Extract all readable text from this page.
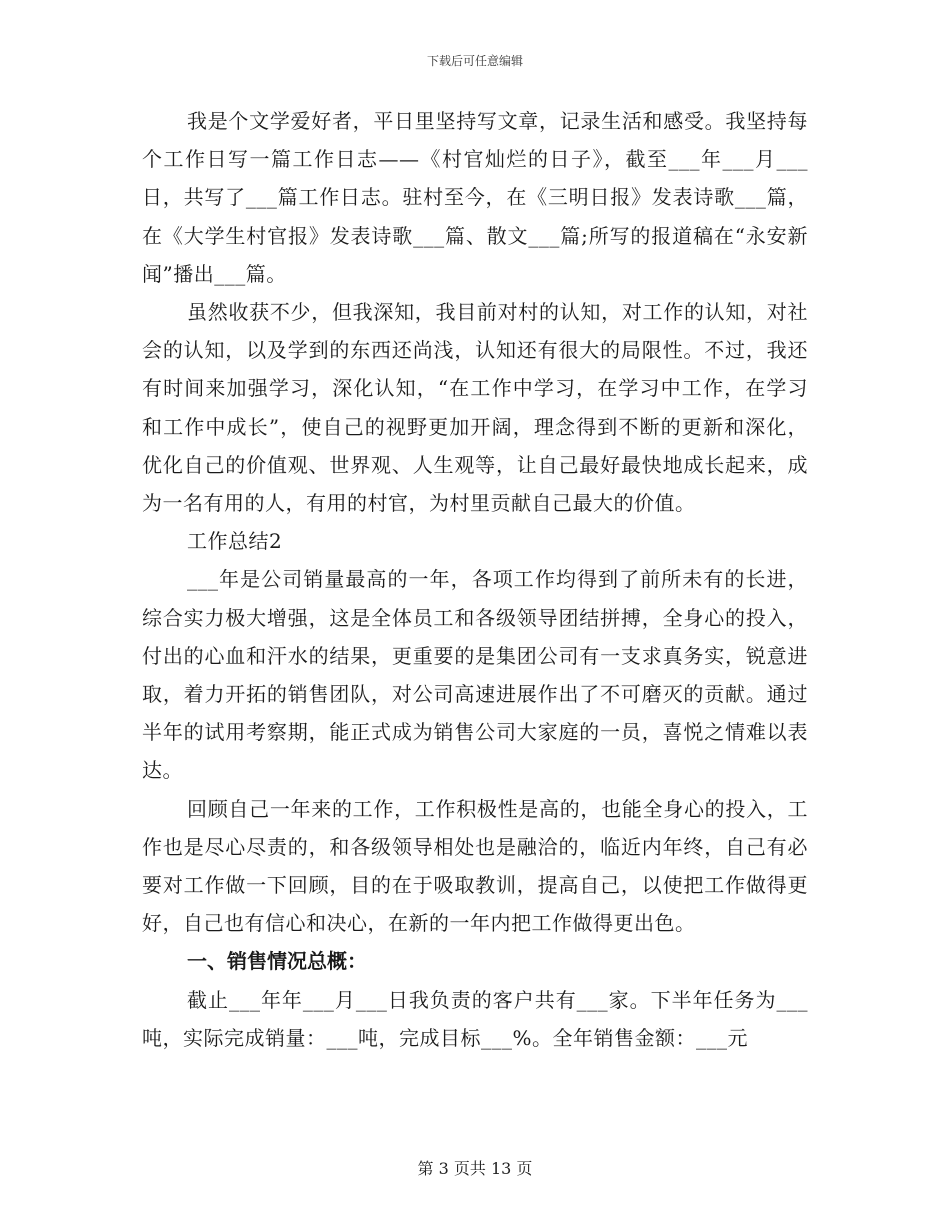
下载后可任意编辑

我是个文学爱好者，平日里坚持写文章，记录生活和感受。我坚持每个工作日写一篇工作日志——《村官灿烂的日子》，截至___年___月___日，共写了___篇工作日志。驻村至今，在《三明日报》发表诗歌___篇，在《大学生村官报》发表诗歌___篇、散文___篇;所写的报道稿在“永安新闻”播出___篇。

虽然收获不少，但我深知，我目前对村的认知，对工作的认知，对社会的认知，以及学到的东西还尚浅，认知还有很大的局限性。不过，我还有时间来加强学习，深化认知，“在工作中学习，在学习中工作，在学习和工作中成长”，使自己的视野更加开阔，理念得到不断的更新和深化，优化自己的价值观、世界观、人生观等，让自己最好最快地成长起来，成为一名有用的人，有用的村官，为村里贡献自己最大的价值。

工作总结2

___年是公司销量最高的一年，各项工作均得到了前所未有的长进，综合实力极大增强，这是全体员工和各级领导团结拼搏，全身心的投入，付出的心血和汗水的结果，更重要的是集团公司有一支求真务实，锐意进取，着力开拓的销售团队，对公司高速进展作出了不可磨灭的贡献。通过半年的试用考察期，能正式成为销售公司大家庭的一员，喜悦之情难以表达。

回顾自己一年来的工作，工作积极性是高的，也能全身心的投入，工作也是尽心尽责的，和各级领导相处也是融洽的，临近内年终，自己有必要对工作做一下回顾，目的在于吸取教训，提高自己，以使把工作做得更好，自己也有信心和决心，在新的一年内把工作做得更出色。

一、销售情况总概：

截止___年年___月___日我负责的客户共有___家。下半年任务为___吨，实际完成销量：___吨，完成目标___%。全年销售金额：___元

第 3 页共 13 页
